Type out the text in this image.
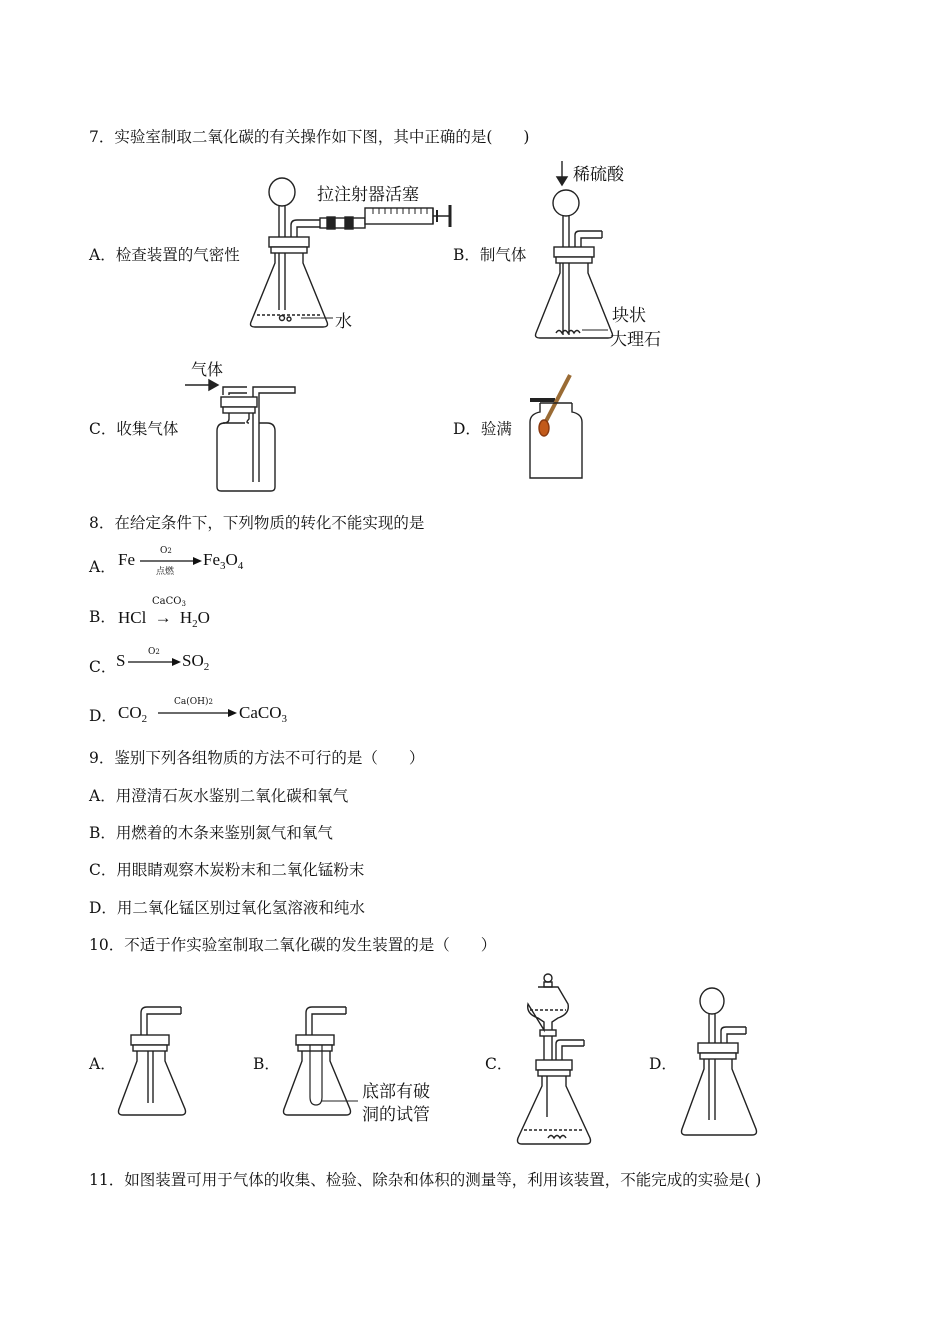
7．实验室制取二氧化碳的有关操作如下图，其中正确的是(　　)
A．检查装置的气密性
拉注射器活塞
水
B．制气体
稀硫酸
块状
大理石
C．收集气体
气体
D．验满
8．在给定条件下，下列物质的转化不能实现的是
A． Fe	O2
点燃
$Fe_3O_4$
B．
CaCO$_3$
HCl → $H_2O$
C． S	O2 $SO_2$
D． $CO_2$
Ca(OH)2
CaCO$_3$
9．鉴别下列各组物质的方法不可行的是（　　）
A．用澄清石灰水鉴别二氧化碳和氧气
B．用燃着的木条来鉴别氮气和氧气
C．用眼睛观察木炭粉末和二氧化锰粉末
D．用二氧化锰区别过氧化氢溶液和纯水
10．不适于作实验室制取二氧化碳的发生装置的是（　　）
A．	B．
底部有破
洞的试管
C．	D．
11．如图装置可用于气体的收集、检验、除杂和体积的测量等，利用该装置，不能完成的实验是( )
